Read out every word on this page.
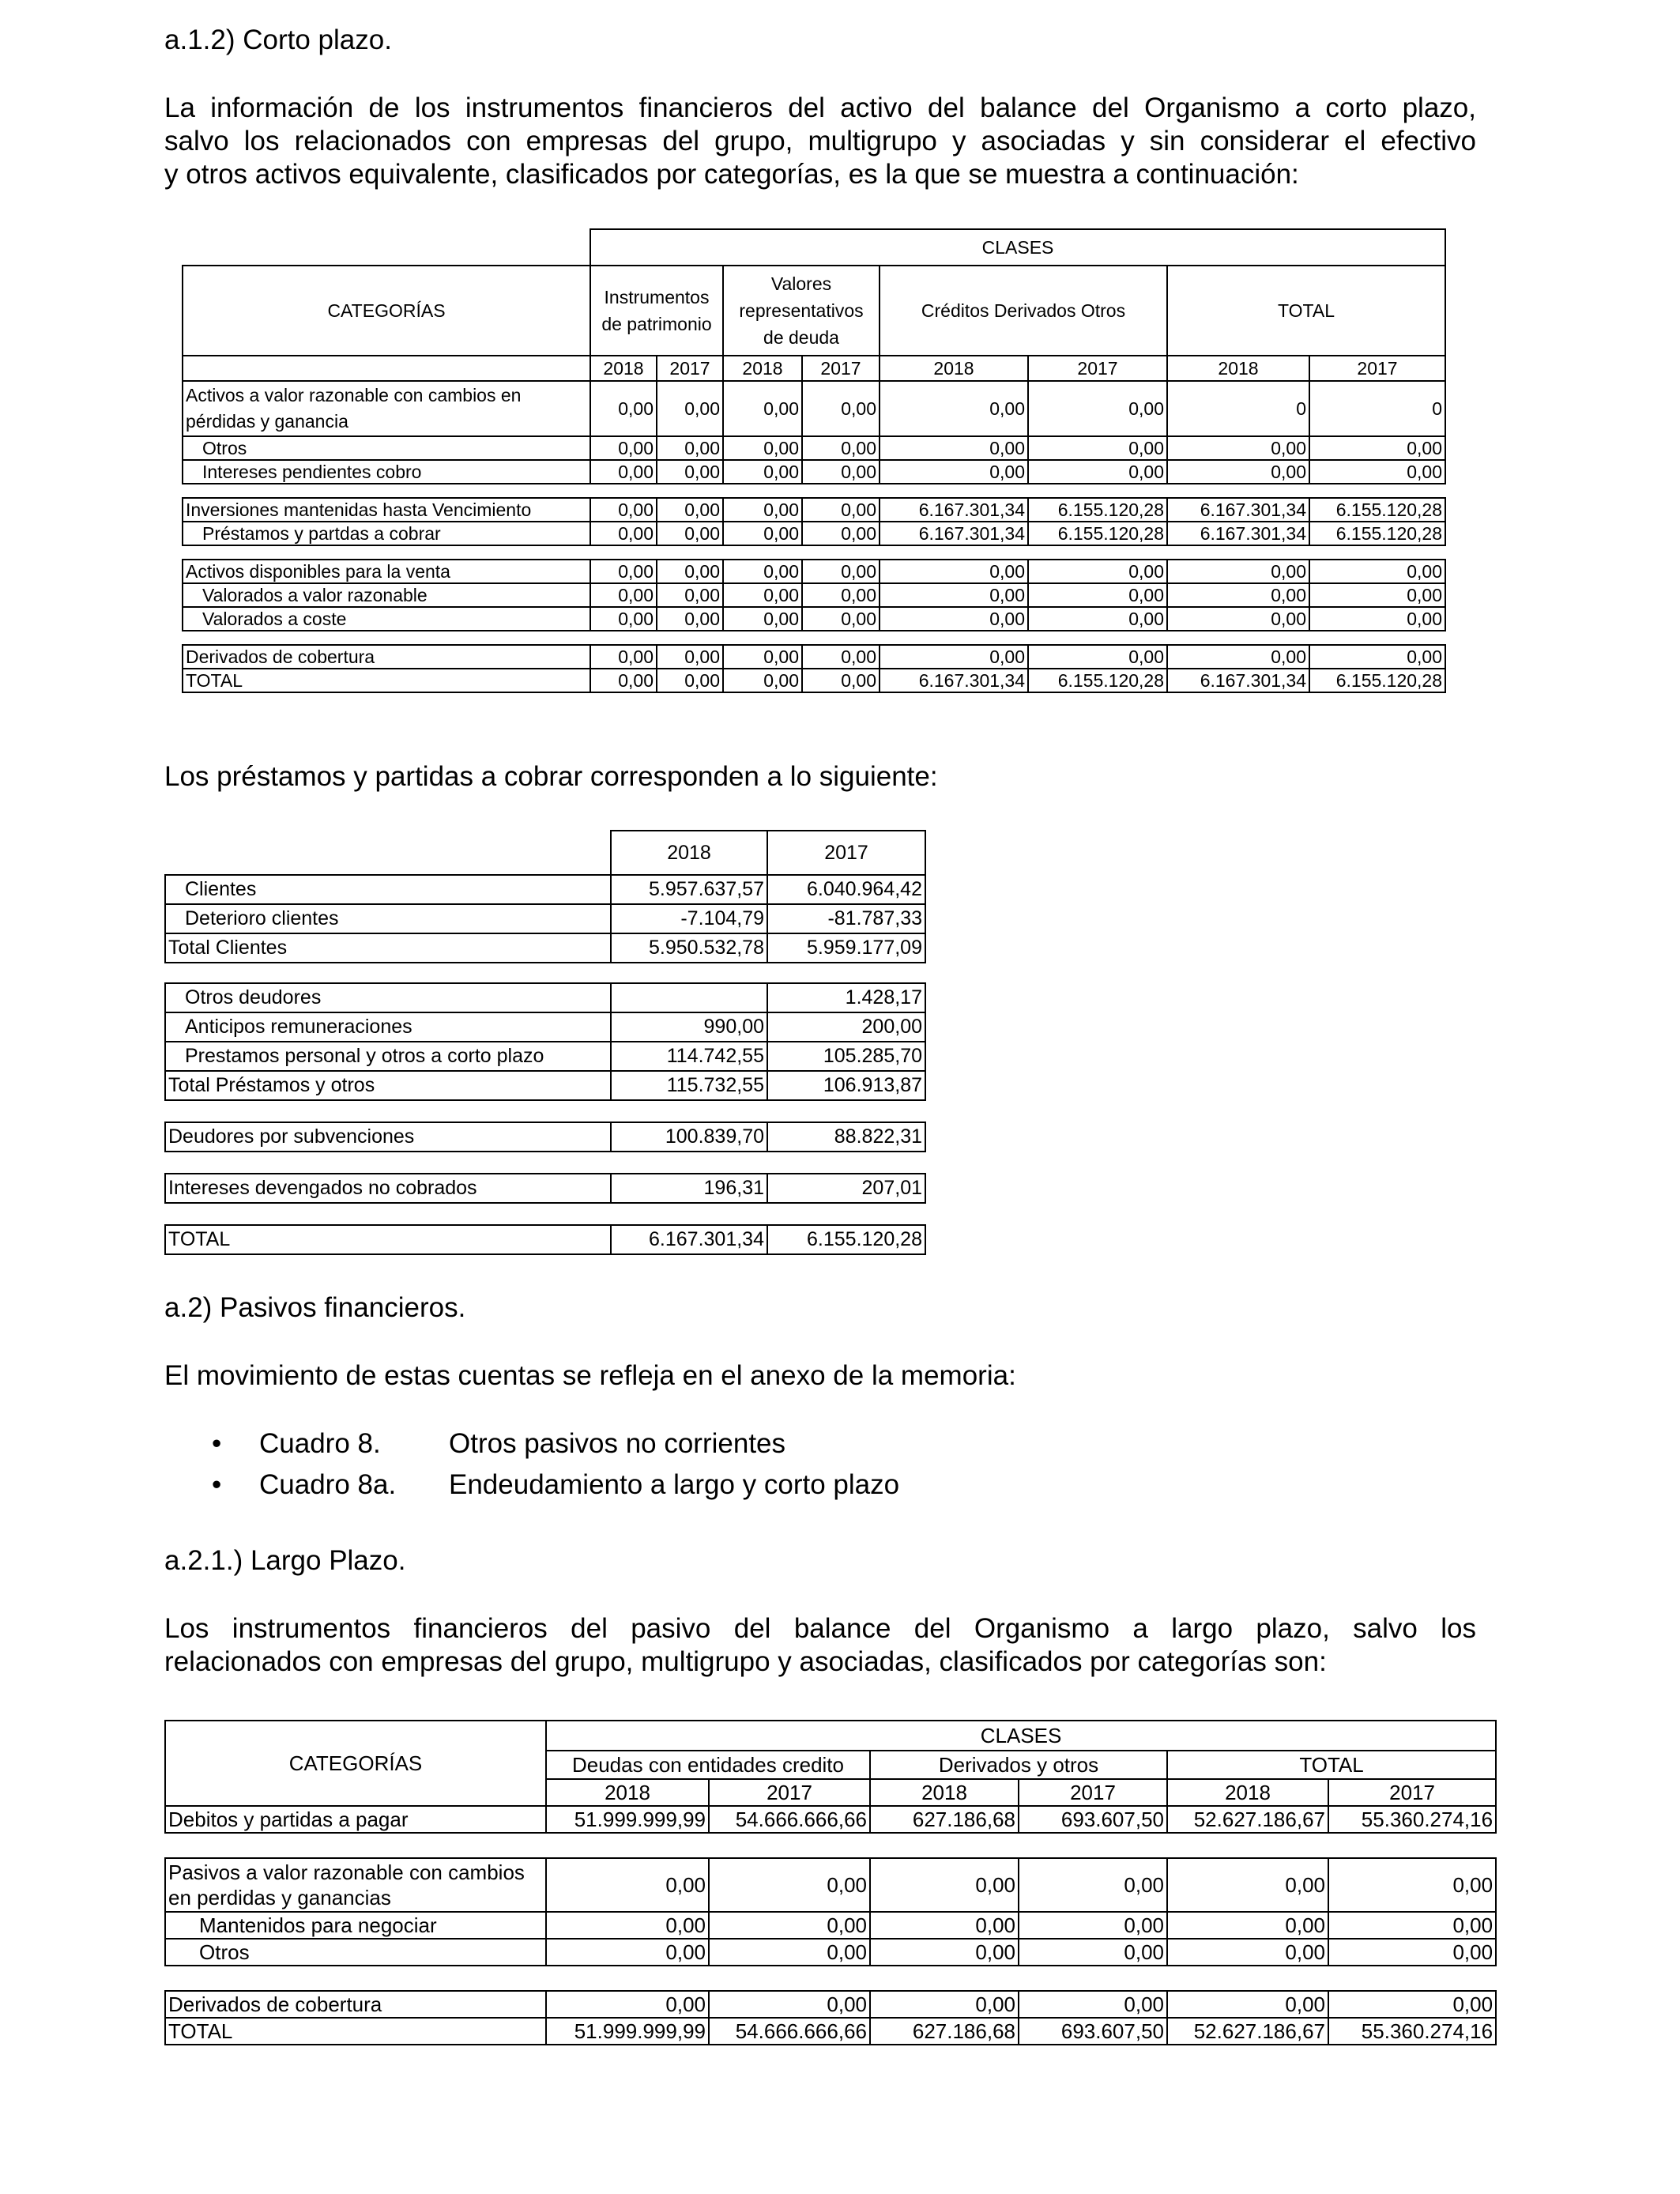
a.1.2) Corto plazo.
La información de los instrumentos financieros del activo del balance del Organismo a corto plazo,
salvo los relacionados con empresas del grupo, multigrupo y asociadas y sin considerar el efectivo
y otros activos equivalente, clasificados por categorías, es la que se muestra a continuación:
	CLASES							
CATEGORÍAS	Instrumentos
de patrimonio		Valores
representativos
de deuda		Créditos Derivados Otros		TOTAL	
	2018	2017	2018	2017	2018	2017	2018	2017
Activos a valor razonable con cambios en
pérdidas y ganancia	0,00	0,00	0,00	0,00	0,00	0,00	0	0
Otros	0,00	0,00	0,00	0,00	0,00	0,00	0,00	0,00
Intereses pendientes cobro	0,00	0,00	0,00	0,00	0,00	0,00	0,00	0,00

Inversiones mantenidas hasta Vencimiento	0,00	0,00	0,00	0,00	6.167.301,34	6.155.120,28	6.167.301,34	6.155.120,28
Préstamos y partdas a cobrar	0,00	0,00	0,00	0,00	6.167.301,34	6.155.120,28	6.167.301,34	6.155.120,28

Activos disponibles para la venta	0,00	0,00	0,00	0,00	0,00	0,00	0,00	0,00
Valorados a valor razonable	0,00	0,00	0,00	0,00	0,00	0,00	0,00	0,00
Valorados a coste	0,00	0,00	0,00	0,00	0,00	0,00	0,00	0,00

Derivados de cobertura	0,00	0,00	0,00	0,00	0,00	0,00	0,00	0,00
TOTAL	0,00	0,00	0,00	0,00	6.167.301,34	6.155.120,28	6.167.301,34	6.155.120,28
Los préstamos y partidas a cobrar corresponden a lo siguiente:
	2018	2017
Clientes	5.957.637,57	6.040.964,42
Deterioro clientes	-7.104,79	-81.787,33
Total Clientes	5.950.532,78	5.959.177,09

Otros deudores		1.428,17
Anticipos remuneraciones	990,00	200,00
Prestamos personal y otros a corto plazo	114.742,55	105.285,70
Total Préstamos y otros	115.732,55	106.913,87

Deudores por subvenciones	100.839,70	88.822,31

Intereses devengados no cobrados	196,31	207,01

TOTAL	6.167.301,34	6.155.120,28
a.2) Pasivos financieros.
El movimiento de estas cuentas se refleja en el anexo de la memoria:
• Cuadro 8. Otros pasivos no corrientes
• Cuadro 8a. Endeudamiento a largo y corto plazo
a.2.1.) Largo Plazo.
Los instrumentos financieros del pasivo del balance del Organismo a largo plazo, salvo los
relacionados con empresas del grupo, multigrupo y asociadas, clasificados por categorías son:
CATEGORÍAS	CLASES					
	Deudas con entidades credito		Derivados y otros		TOTAL	
	2018	2017	2018	2017	2018	2017
Debitos y partidas a pagar	51.999.999,99	54.666.666,66	627.186,68	693.607,50	52.627.186,67	55.360.274,16

Pasivos a valor razonable con cambios
en perdidas y ganancias	0,00	0,00	0,00	0,00	0,00	0,00
Mantenidos para negociar	0,00	0,00	0,00	0,00	0,00	0,00
Otros	0,00	0,00	0,00	0,00	0,00	0,00

Derivados de cobertura	0,00	0,00	0,00	0,00	0,00	0,00
TOTAL	51.999.999,99	54.666.666,66	627.186,68	693.607,50	52.627.186,67	55.360.274,16
